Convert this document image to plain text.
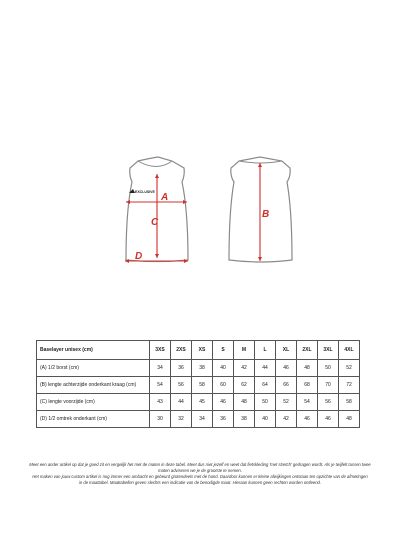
EXCLUSIVE A
C
D
B
Baselayer unisex (cm)	3XS	2XS	XS	S	M	L	XL	2XL	3XL	4XL
(A) 1/2 borst (cm)	34	36	38	40	42	44	46	48	50	52
(B) lengte achterzijde onderkant kraag (cm)	54	56	58	60	62	64	66	68	70	72
(C) lengte voorzijde (cm)	43	44	45	46	48	50	52	54	56	58
(D) 1/2 omtrek onderkant (cm)	30	32	34	36	38	40	42	46	46	48

Meet een ander artikel op dat je goed zit en vergelijk het met de maten in deze tabel. Meet dus niet jezelf en weet dat fietskleding 'met stretch' gedragen wordt. Als je twijfelt tussen twee

maten adviseren we je de grootste te nemen.

Het maken van jouw custom artikel is nog immer een ambacht en gebeurd grotendeels met de hand. Daardoor kunnen er kleine afwijkingen ontstaan ten opzichte van de afmetingen

in de maattabel. Maattabellen geven slechts een indicatie van de benodigde maat. Hieraan kunnen geen rechten worden ontleend.
